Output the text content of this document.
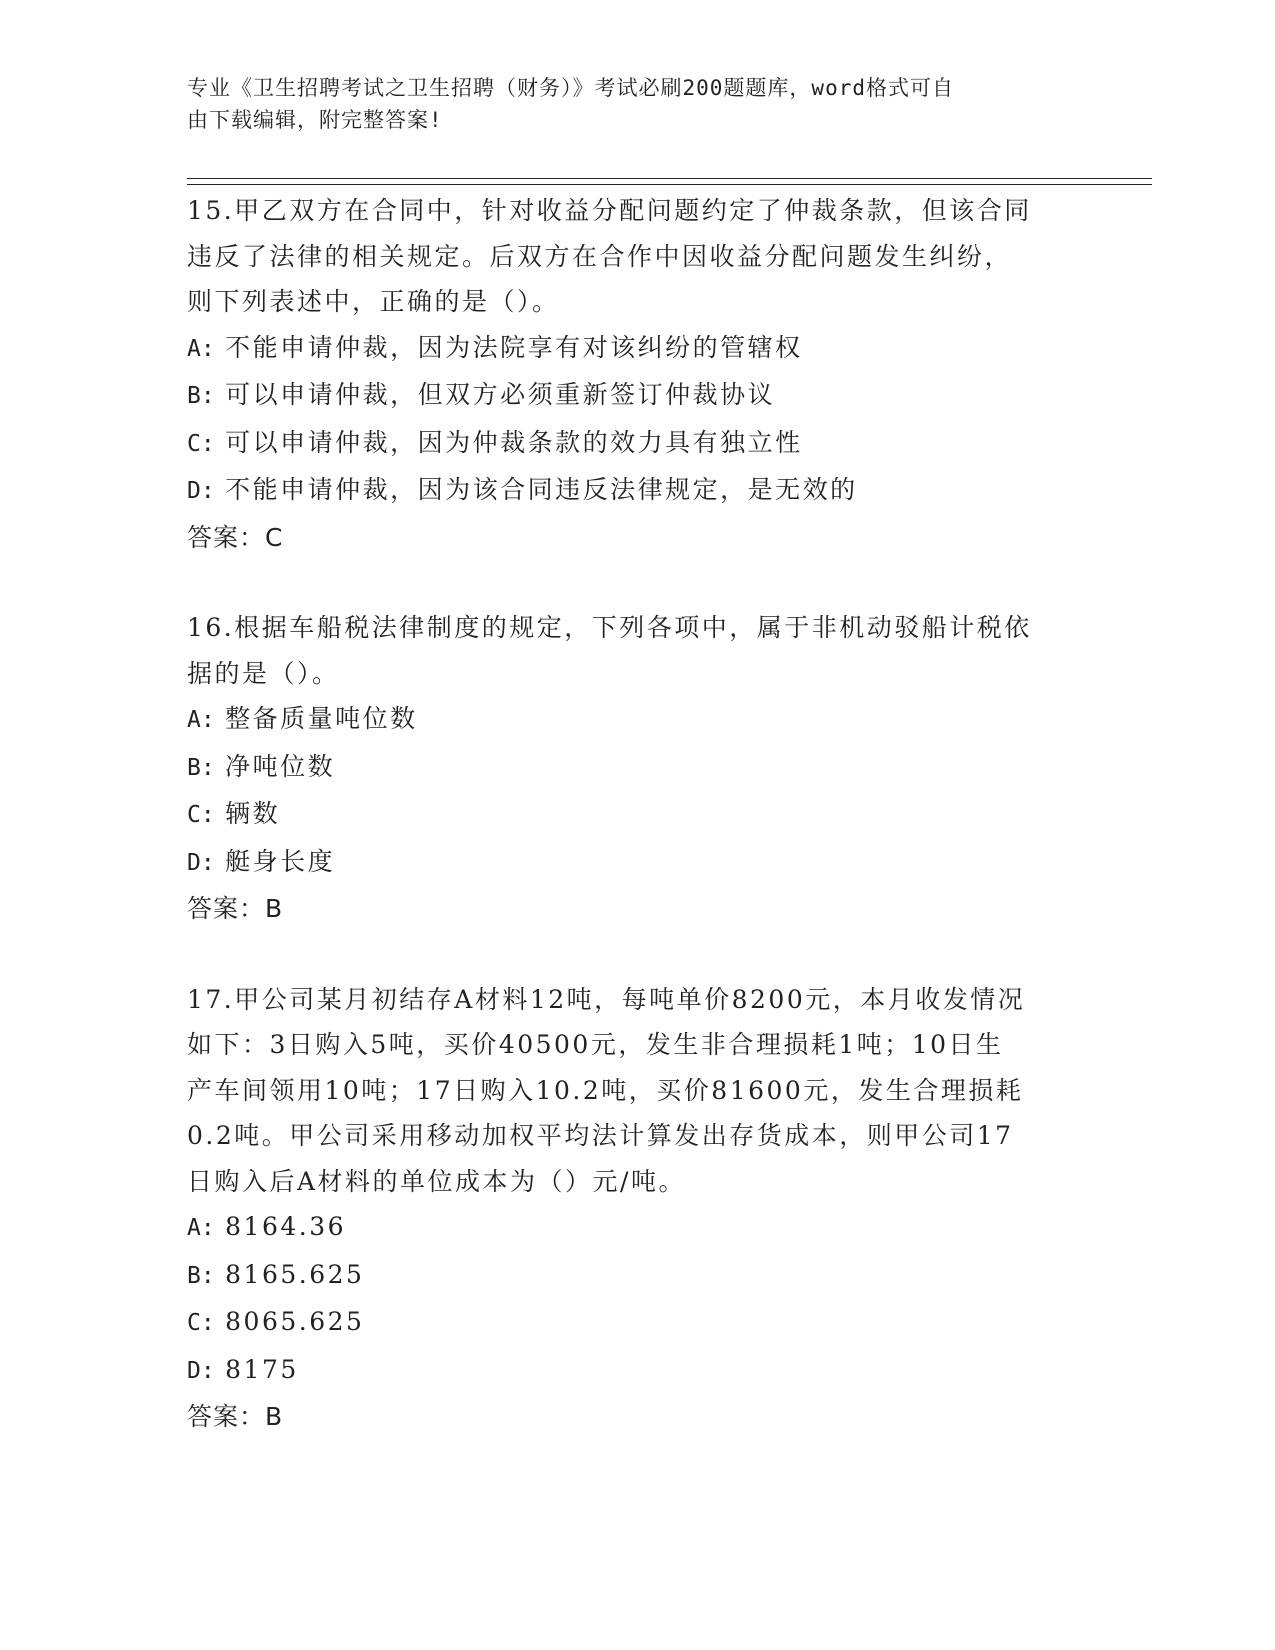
专业《卫生招聘考试之卫生招聘（财务）》考试必刷200题题库，word格式可自
由下载编辑，附完整答案!
15.甲乙双方在合同中，针对收益分配问题约定了仲裁条款，但该合同
违反了法律的相关规定。后双方在合作中因收益分配问题发生纠纷，
则下列表述中，正确的是（）。
A: 不能申请仲裁，因为法院享有对该纠纷的管辖权
B: 可以申请仲裁，但双方必须重新签订仲裁协议
C: 可以申请仲裁，因为仲裁条款的效力具有独立性
D: 不能申请仲裁，因为该合同违反法律规定，是无效的
答案：C
16.根据车船税法律制度的规定，下列各项中，属于非机动驳船计税依
据的是（）。
A: 整备质量吨位数
B: 净吨位数
C: 辆数
D: 艇身长度
答案：B
17.甲公司某月初结存A材料12吨，每吨单价8200元，本月收发情况
如下：3日购入5吨，买价40500元，发生非合理损耗1吨；10日生
产车间领用10吨；17日购入10.2吨，买价81600元，发生合理损耗
0.2吨。甲公司采用移动加权平均法计算发出存货成本，则甲公司17
日购入后A材料的单位成本为（）元/吨。
A: 8164.36
B: 8165.625
C: 8065.625
D: 8175
答案：B
